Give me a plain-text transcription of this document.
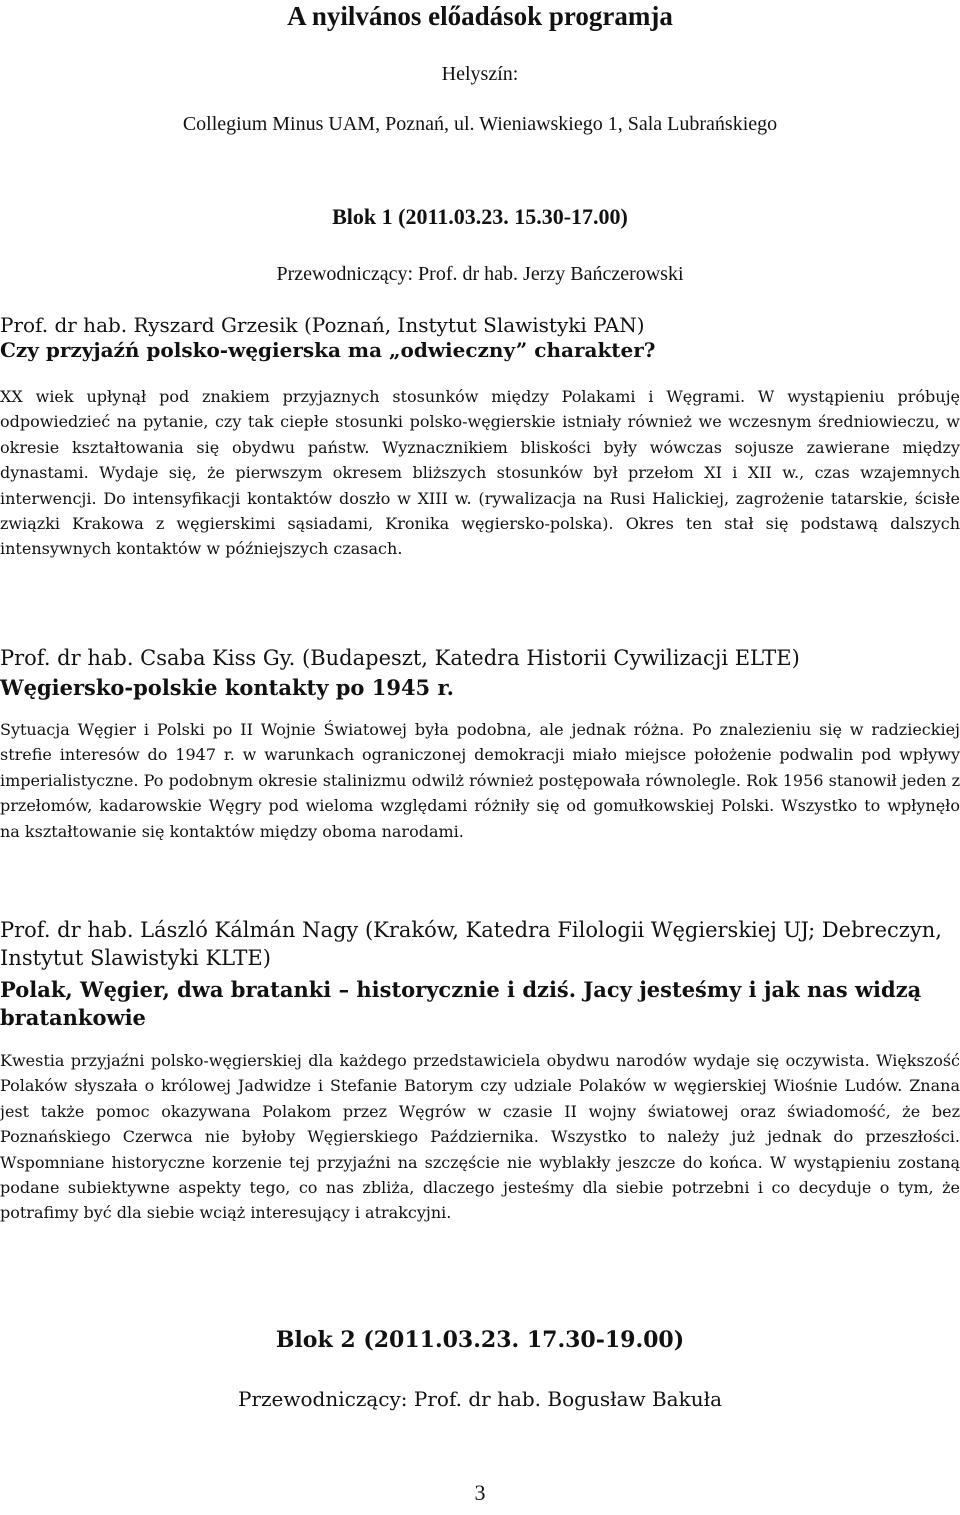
A nyilvános előadások programja
Helyszín:
Collegium Minus UAM, Poznań, ul. Wieniawskiego 1, Sala Lubrańskiego
Blok 1 (2011.03.23. 15.30-17.00)
Przewodniczący: Prof. dr hab. Jerzy Bańczerowski
Prof. dr hab. Ryszard Grzesik (Poznań, Instytut Slawistyki PAN)
Czy przyjaźń polsko-węgierska ma „odwieczny” charakter?
XX wiek upłynął pod znakiem przyjaznych stosunków między Polakami i Węgrami. W wystąpieniu próbuję odpowiedzieć na pytanie, czy tak ciepłe stosunki polsko-węgierskie istniały również we wczesnym średniowieczu, w okresie kształtowania się obydwu państw. Wyznacznikiem bliskości były wówczas sojusze zawierane między dynastami. Wydaje się, że pierwszym okresem bliższych stosunków był przełom XI i XII w., czas wzajemnych interwencji. Do intensyfikacji kontaktów doszło w XIII w. (rywalizacja na Rusi Halickiej, zagrożenie tatarskie, ścisłe związki Krakowa z węgierskimi sąsiadami, Kronika węgiersko-polska). Okres ten stał się podstawą dalszych intensywnych kontaktów w późniejszych czasach.
Prof. dr hab. Csaba Kiss Gy. (Budapeszt, Katedra Historii Cywilizacji ELTE)
Węgiersko-polskie kontakty po 1945 r.
Sytuacja Węgier i Polski po II Wojnie Światowej była podobna, ale jednak różna. Po znalezieniu się w radzieckiej strefie interesów do 1947 r. w warunkach ograniczonej demokracji miało miejsce położenie podwalin pod wpływy imperialistyczne. Po podobnym okresie stalinizmu odwilż również postępowała równolegle. Rok 1956 stanowił jeden z przełomów, kadarowskie Węgry pod wieloma względami różniły się od gomułkowskiej Polski. Wszystko to wpłynęło na kształtowanie się kontaktów między oboma narodami.
Prof. dr hab. László Kálmán Nagy (Kraków, Katedra Filologii Węgierskiej UJ; Debreczyn, Instytut Slawistyki KLTE)
Polak, Węgier, dwa bratanki – historycznie i dziś. Jacy jesteśmy i jak nas widzą bratankowie
Kwestia przyjaźni polsko-węgierskiej dla każdego przedstawiciela obydwu narodów wydaje się oczywista. Większość Polaków słyszała o królowej Jadwidze i Stefanie Batorym czy udziale Polaków w węgierskiej Wiośnie Ludów. Znana jest także pomoc okazywana Polakom przez Węgrów w czasie II wojny światowej oraz świadomość, że bez Poznańskiego Czerwca nie byłoby Węgierskiego Października. Wszystko to należy już jednak do przeszłości. Wspomniane historyczne korzenie tej przyjaźni na szczęście nie wyblakły jeszcze do końca. W wystąpieniu zostaną podane subiektywne aspekty tego, co nas zbliża, dlaczego jesteśmy dla siebie potrzebni i co decyduje o tym, że potrafimy być dla siebie wciąż interesujący i atrakcyjni.
Blok 2 (2011.03.23. 17.30-19.00)
Przewodniczący: Prof. dr hab. Bogusław Bakuła
3
